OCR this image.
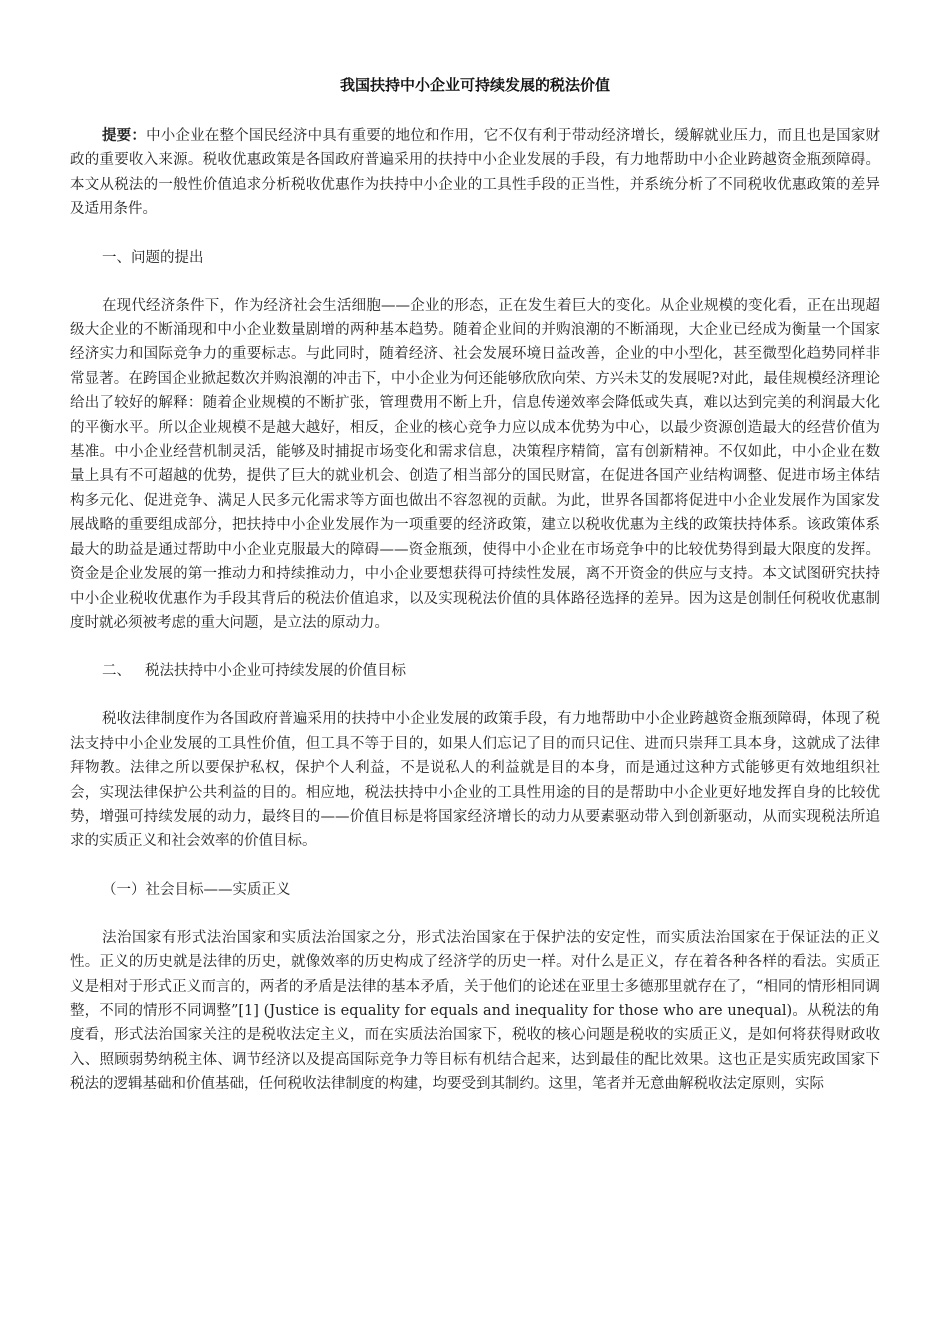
我国扶持中小企业可持续发展的税法价值

提要：中小企业在整个国民经济中具有重要的地位和作用，它不仅有利于带动经济增长，缓解就业压力，而且也是国家财政的重要收入来源。税收优惠政策是各国政府普遍采用的扶持中小企业发展的手段，有力地帮助中小企业跨越资金瓶颈障碍。本文从税法的一般性价值追求分析税收优惠作为扶持中小企业的工具性手段的正当性，并系统分析了不同税收优惠政策的差异及适用条件。

一、问题的提出

在现代经济条件下，作为经济社会生活细胞——企业的形态，正在发生着巨大的变化。从企业规模的变化看，正在出现超级大企业的不断涌现和中小企业数量剧增的两种基本趋势。随着企业间的并购浪潮的不断涌现，大企业已经成为衡量一个国家经济实力和国际竞争力的重要标志。与此同时，随着经济、社会发展环境日益改善，企业的中小型化，甚至微型化趋势同样非常显著。在跨国企业掀起数次并购浪潮的冲击下，中小企业为何还能够欣欣向荣、方兴未艾的发展呢?对此，最佳规模经济理论给出了较好的解释：随着企业规模的不断扩张，管理费用不断上升，信息传递效率会降低或失真，难以达到完美的利润最大化的平衡水平。所以企业规模不是越大越好，相反，企业的核心竞争力应以成本优势为中心，以最少资源创造最大的经营价值为基准。中小企业经营机制灵活，能够及时捕捉市场变化和需求信息，决策程序精简，富有创新精神。不仅如此，中小企业在数量上具有不可超越的优势，提供了巨大的就业机会、创造了相当部分的国民财富，在促进各国产业结构调整、促进市场主体结构多元化、促进竞争、满足人民多元化需求等方面也做出不容忽视的贡献。为此，世界各国都将促进中小企业发展作为国家发展战略的重要组成部分，把扶持中小企业发展作为一项重要的经济政策，建立以税收优惠为主线的政策扶持体系。该政策体系最大的助益是通过帮助中小企业克服最大的障碍——资金瓶颈，使得中小企业在市场竞争中的比较优势得到最大限度的发挥。资金是企业发展的第一推动力和持续推动力，中小企业要想获得可持续性发展，离不开资金的供应与支持。本文试图研究扶持中小企业税收优惠作为手段其背后的税法价值追求，以及实现税法价值的具体路径选择的差异。因为这是创制任何税收优惠制度时就必须被考虑的重大问题，是立法的原动力。

二、 税法扶持中小企业可持续发展的价值目标

税收法律制度作为各国政府普遍采用的扶持中小企业发展的政策手段，有力地帮助中小企业跨越资金瓶颈障碍，体现了税法支持中小企业发展的工具性价值，但工具不等于目的，如果人们忘记了目的而只记住、进而只崇拜工具本身，这就成了法律拜物教。法律之所以要保护私权，保护个人利益，不是说私人的利益就是目的本身，而是通过这种方式能够更有效地组织社会，实现法律保护公共利益的目的。相应地，税法扶持中小企业的工具性用途的目的是帮助中小企业更好地发挥自身的比较优势，增强可持续发展的动力，最终目的——价值目标是将国家经济增长的动力从要素驱动带入到创新驱动，从而实现税法所追求的实质正义和社会效率的价值目标。

（一）社会目标——实质正义

法治国家有形式法治国家和实质法治国家之分，形式法治国家在于保护法的安定性，而实质法治国家在于保证法的正义性。正义的历史就是法律的历史，就像效率的历史构成了经济学的历史一样。对什么是正义，存在着各种各样的看法。实质正义是相对于形式正义而言的，两者的矛盾是法律的基本矛盾，关于他们的论述在亚里士多德那里就存在了，“相同的情形相同调整，不同的情形不同调整”[1] (Justice is equality for equals and inequality for those who are unequal)。从税法的角度看，形式法治国家关注的是税收法定主义，而在实质法治国家下，税收的核心问题是税收的实质正义，是如何将获得财政收入、照顾弱势纳税主体、调节经济以及提高国际竞争力等目标有机结合起来，达到最佳的配比效果。这也正是实质宪政国家下税法的逻辑基础和价值基础，任何税收法律制度的构建，均要受到其制约。这里，笔者并无意曲解税收法定原则，实际
